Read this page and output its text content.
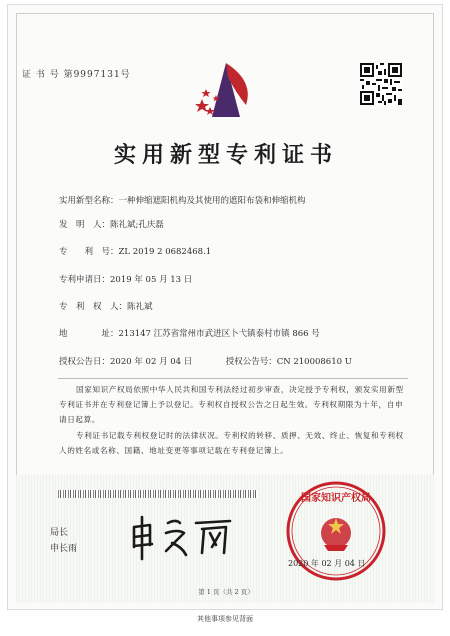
证 书 号 第9997131号
实用新型专利证书
实用新型名称：一种伸缩遮阳机构及其使用的遮阳布袋和伸缩机构
发　明　人：陈礼斌;孔庆磊
专　　利　号：ZL 2019 2 0682468.1
专利申请日：2019 年 05 月 13 日
专　利　权　人：陈礼斌
地　　　　址：213147 江苏省常州市武进区卜弋镇泰村市镇 866 号
授权公告日：2020 年 02 月 04 日	授权公告号：CN 210008610 U
国家知识产权局依照中华人民共和国专利法经过初步审查，决定授予专利权，颁发实用新型专利证书并在专利登记簿上予以登记。专利权自授权公告之日起生效。专利权期限为十年，自申请日起算。
专利证书记载专利权登记时的法律状况。专利权的转移、质押、无效、终止、恢复和专利权人的姓名或名称、国籍、地址变更等事项记载在专利登记簿上。
局长
申长雨
国家知识产权局
2020 年 02 月 04 日
第 1 页（共 2 页）
其他事项参见背面
